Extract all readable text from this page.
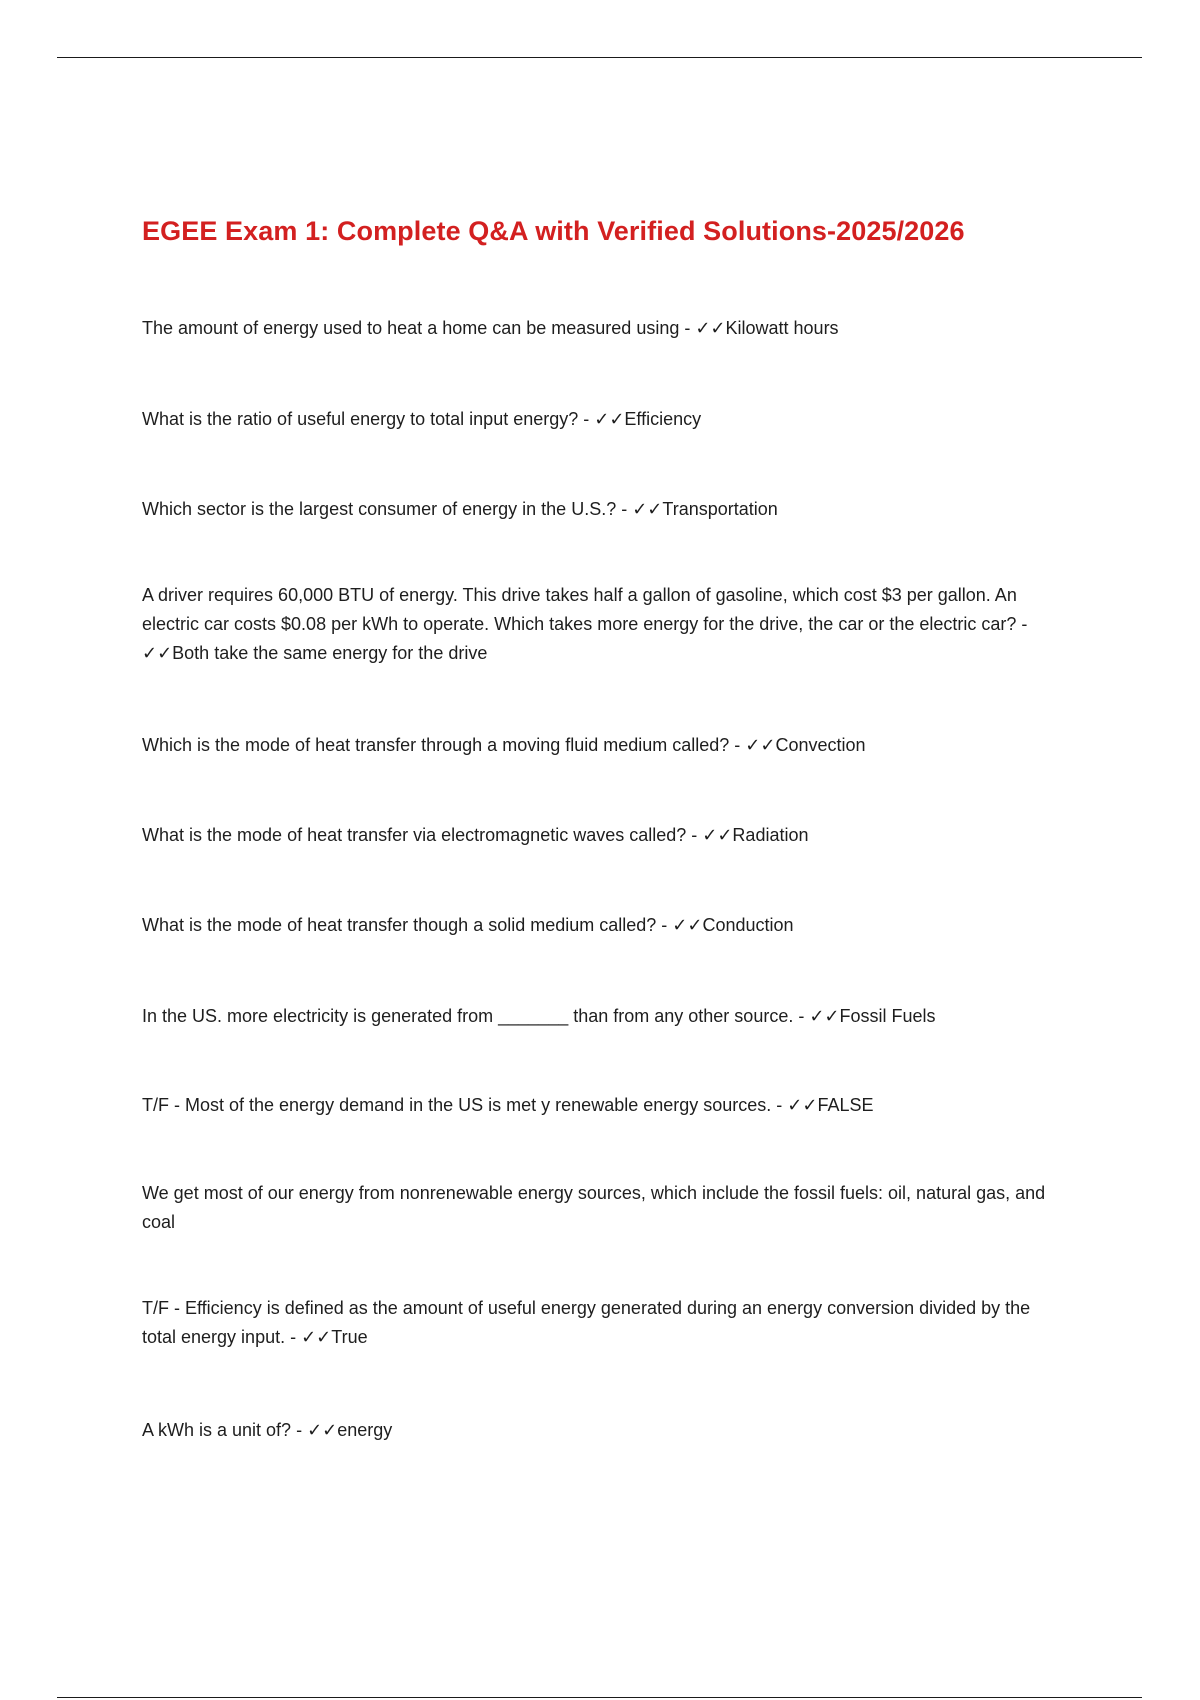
EGEE Exam 1: Complete Q&A with Verified Solutions-2025/2026

The amount of energy used to heat a home can be measured using - ✓✓Kilowatt hours

What is the ratio of useful energy to total input energy? - ✓✓Efficiency

Which sector is the largest consumer of energy in the U.S.? - ✓✓Transportation

A driver requires 60,000 BTU of energy. This drive takes half a gallon of gasoline, which cost $3 per gallon. An electric car costs $0.08 per kWh to operate. Which takes more energy for the drive, the car or the electric car? - ✓✓Both take the same energy for the drive

Which is the mode of heat transfer through a moving fluid medium called? - ✓✓Convection

What is the mode of heat transfer via electromagnetic waves called? - ✓✓Radiation

What is the mode of heat transfer though a solid medium called? - ✓✓Conduction

In the US. more electricity is generated from _______ than from any other source. - ✓✓Fossil Fuels

T/F - Most of the energy demand in the US is met y renewable energy sources. - ✓✓FALSE

We get most of our energy from nonrenewable energy sources, which include the fossil fuels: oil, natural gas, and coal

T/F - Efficiency is defined as the amount of useful energy generated during an energy conversion divided by the total energy input. - ✓✓True

A kWh is a unit of? - ✓✓energy
